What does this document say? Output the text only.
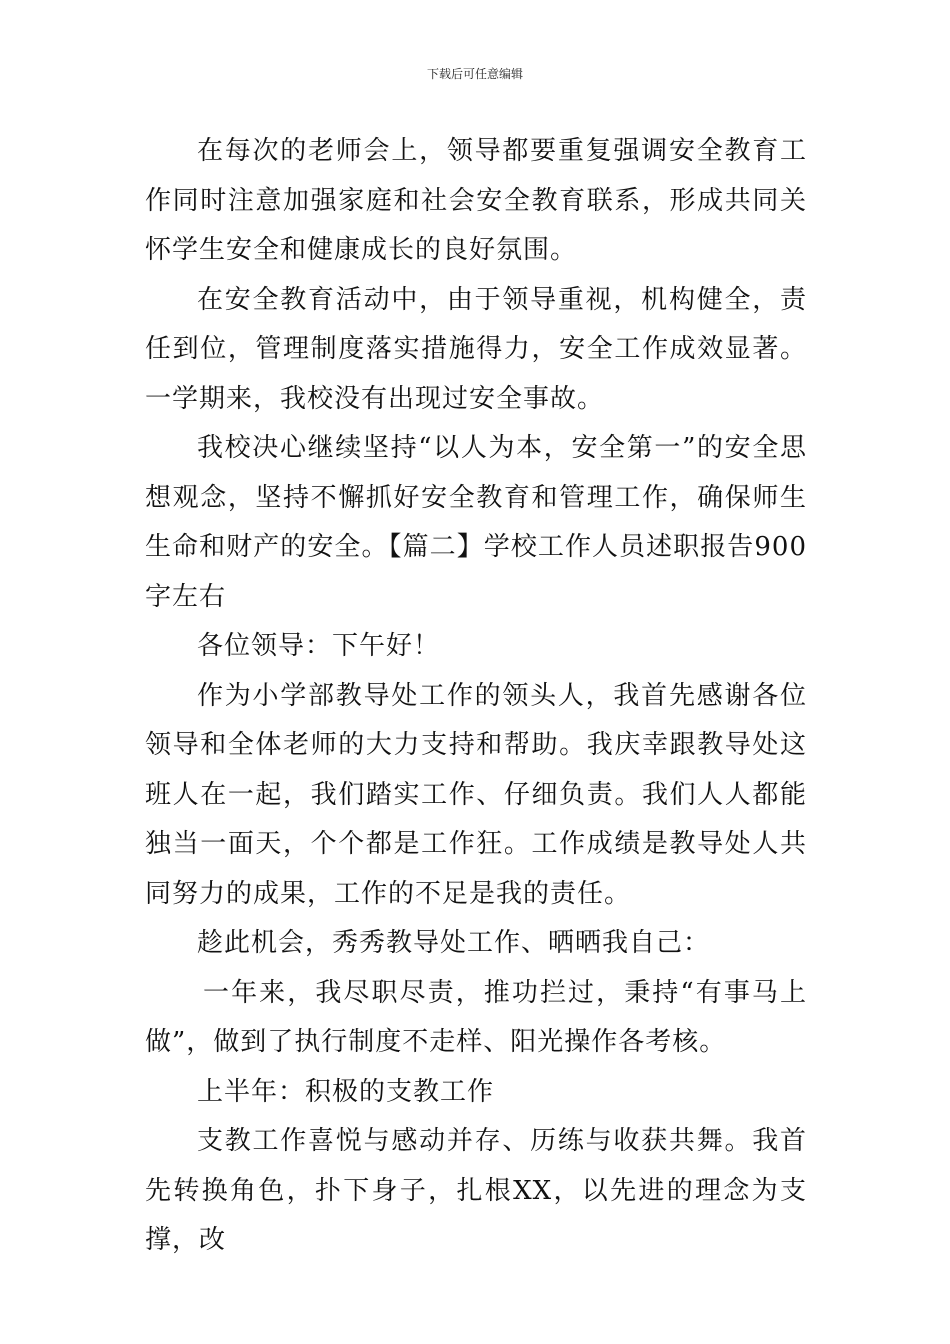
下载后可任意编辑

在每次的老师会上，领导都要重复强调安全教育工作同时注意加强家庭和社会安全教育联系，形成共同关怀学生安全和健康成长的良好氛围。

在安全教育活动中，由于领导重视，机构健全，责任到位，管理制度落实措施得力，安全工作成效显著。一学期来，我校没有出现过安全事故。

我校决心继续坚持“以人为本，安全第一”的安全思想观念，坚持不懈抓好安全教育和管理工作，确保师生生命和财产的安全。【篇二】学校工作人员述职报告900字左右

各位领导：下午好！

作为小学部教导处工作的领头人，我首先感谢各位领导和全体老师的大力支持和帮助。我庆幸跟教导处这班人在一起，我们踏实工作、仔细负责。我们人人都能独当一面天，个个都是工作狂。工作成绩是教导处人共同努力的成果，工作的不足是我的责任。

趁此机会，秀秀教导处工作、晒晒我自己：

一年来，我尽职尽责，推功拦过，秉持“有事马上做”，做到了执行制度不走样、阳光操作各考核。

上半年：积极的支教工作

支教工作喜悦与感动并存、历练与收获共舞。我首先转换角色，扑下身子，扎根XX，以先进的理念为支撑，改
